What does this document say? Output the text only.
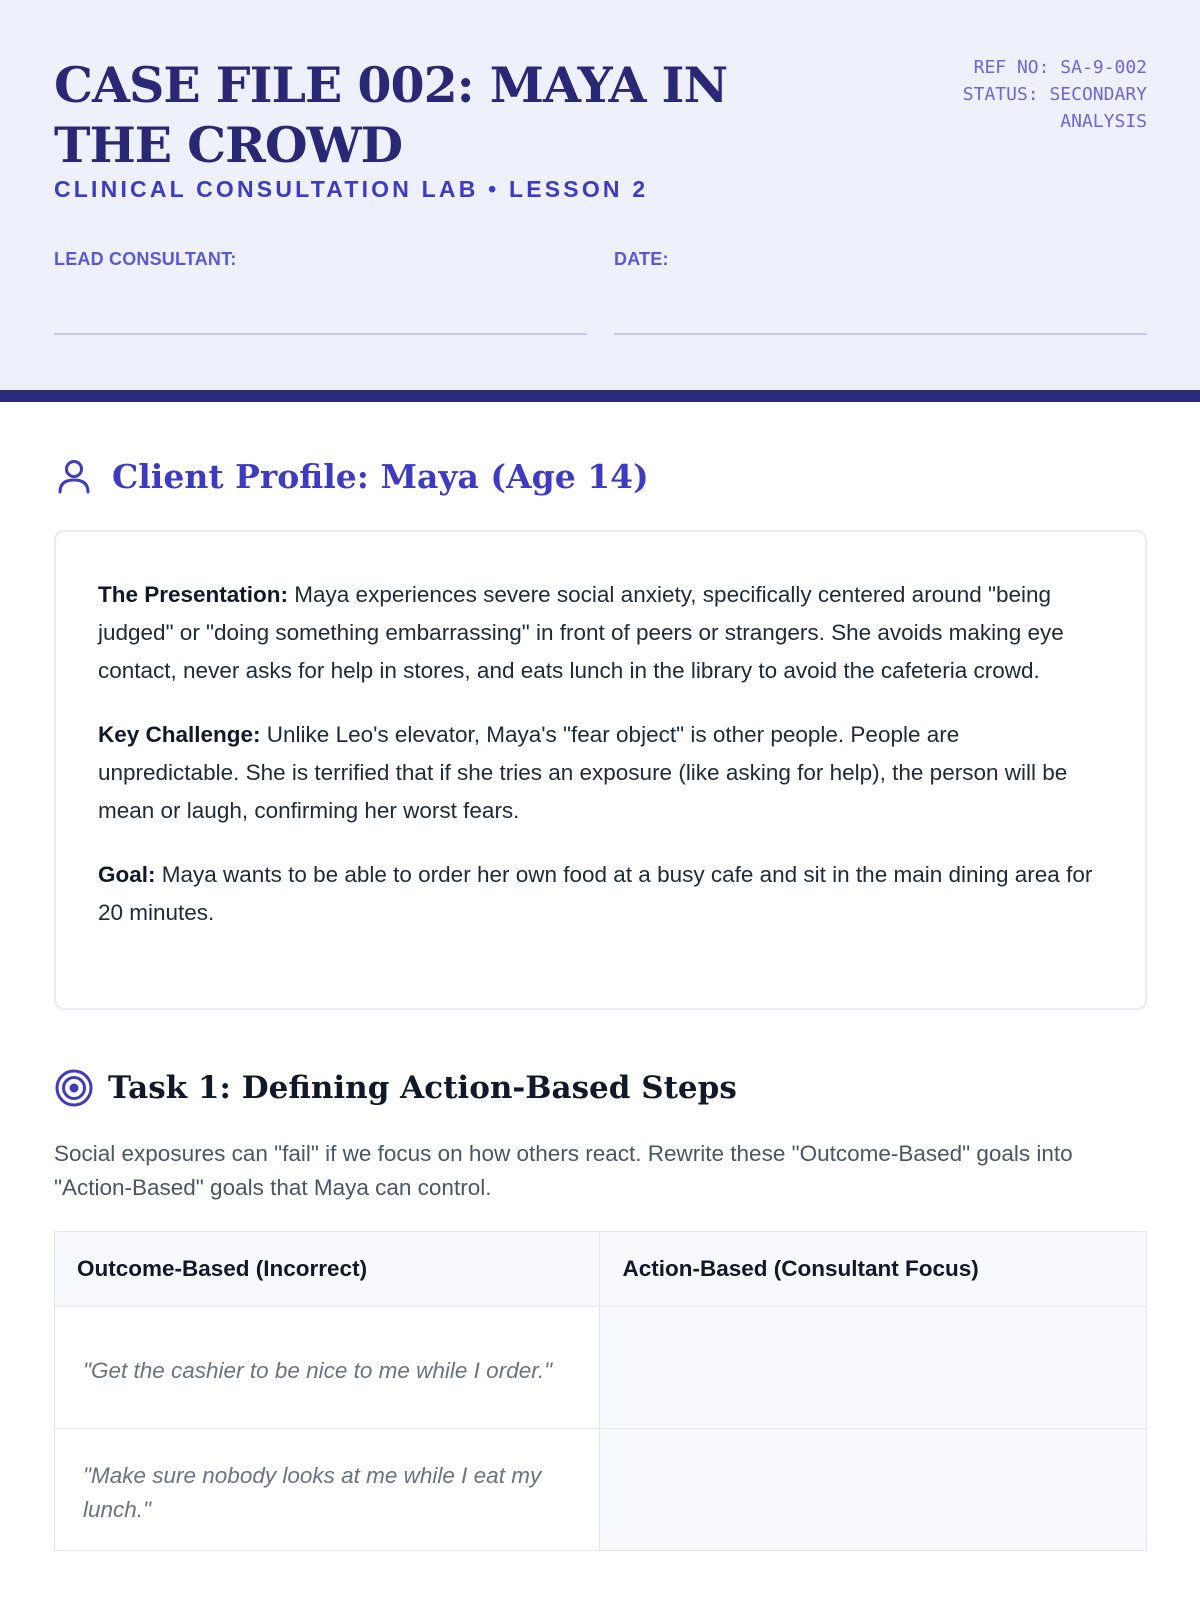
CASE FILE 002: MAYA IN THE CROWD
CLINICAL CONSULTATION LAB • LESSON 2
REF NO: SA-9-002
STATUS: SECONDARY
ANALYSIS
LEAD CONSULTANT:	DATE:
Client Profile: Maya (Age 14)

The Presentation: Maya experiences severe social anxiety, specifically centered around "being judged" or "doing something embarrassing" in front of peers or strangers. She avoids making eye contact, never asks for help in stores, and eats lunch in the library to avoid the cafeteria crowd.

Key Challenge: Unlike Leo's elevator, Maya's "fear object" is other people. People are unpredictable. She is terrified that if she tries an exposure (like asking for help), the person will be mean or laugh, confirming her worst fears.

Goal: Maya wants to be able to order her own food at a busy cafe and sit in the main dining area for 20 minutes.

Task 1: Defining Action-Based Steps

Social exposures can "fail" if we focus on how others react. Rewrite these "Outcome-Based" goals into "Action-Based" goals that Maya can control.

Outcome-Based (Incorrect)	Action-Based (Consultant Focus)
"Get the cashier to be nice to me while I order."	
"Make sure nobody looks at me while I eat my lunch."	
